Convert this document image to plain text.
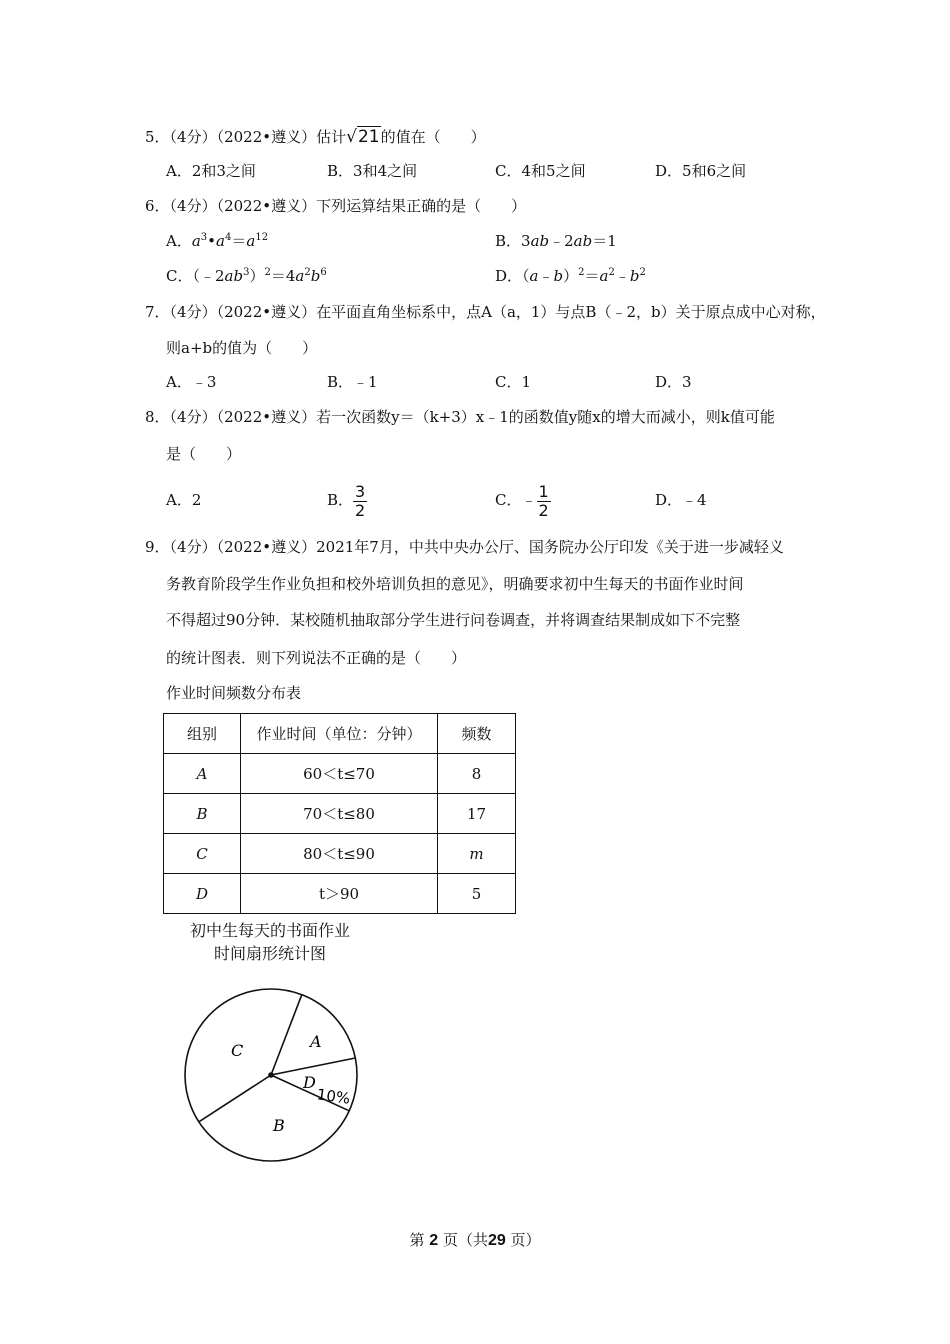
5．（4分）（2022•遵义）估计√21的值在（　　）
A．2和3之间	B．3和4之间	C．4和5之间	D．5和6之间
6．（4分）（2022•遵义）下列运算结果正确的是（　　）
A．$a^3•a^4=a^{12}$	B．3ab﹣2ab＝1
C．$(﹣2ab^3)^2=4a^2b^6$	D．$(a﹣b)^2=a^2﹣b^2$
7．（4分）（2022•遵义）在平面直角坐标系中，点A（a，1）与点B（﹣2，b）关于原点成中心对称，
则a+b的值为（　　）
A．﹣3	B．﹣1	C．1	D．3
8．（4分）（2022•遵义）若一次函数y＝（k+3）x﹣1的函数值y随x的增大而减小，则k值可能
是（　　）
A．2	B． $\frac{3}{2}$	C．﹣ $\frac{1}{2}$	D．﹣4
9．（4分）（2022•遵义）2021年7月，中共中央办公厅、国务院办公厅印发《关于进一步减轻义
务教育阶段学生作业负担和校外培训负担的意见》，明确要求初中生每天的书面作业时间
不得超过90分钟．某校随机抽取部分学生进行问卷调查，并将调查结果制成如下不完整
的统计图表．则下列说法不正确的是（　　）
作业时间频数分布表
组别	作业时间（单位：分钟）	频数
A	60＜t≤70	8
B	70＜t≤80	17
C	80＜t≤90	m
D	t＞90	5
初中生每天的书面作业
时间扇形统计图
C	A
D
10%
B
第 2 页（共29 页）
